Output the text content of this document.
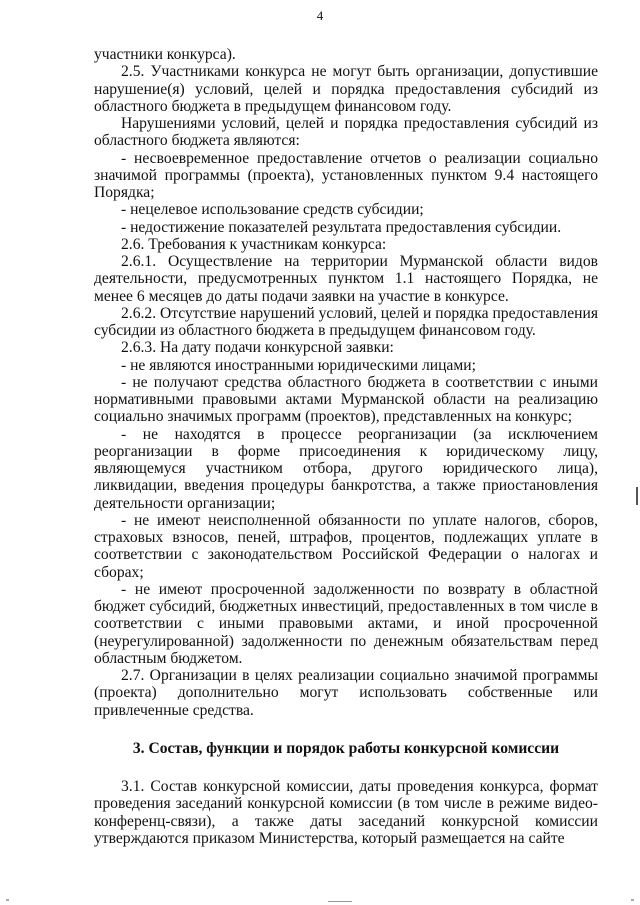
4

участники конкурса).

2.5. Участниками конкурса не могут быть организации, допустившие нарушение(я) условий, целей и порядка предоставления субсидий из областного бюджета в предыдущем финансовом году.

Нарушениями условий, целей и порядка предоставления субсидий из областного бюджета являются:

- несвоевременное предоставление отчетов о реализации социально значимой программы (проекта), установленных пунктом 9.4 настоящего Порядка;

- нецелевое использование средств субсидии;

- недостижение показателей результата предоставления субсидии.

2.6. Требования к участникам конкурса:

2.6.1. Осуществление на территории Мурманской области видов деятельности, предусмотренных пунктом 1.1 настоящего Порядка, не менее 6 месяцев до даты подачи заявки на участие в конкурсе.

2.6.2. Отсутствие нарушений условий, целей и порядка предоставления субсидии из областного бюджета в предыдущем финансовом году.

2.6.3. На дату подачи конкурсной заявки:

- не являются иностранными юридическими лицами;

- не получают средства областного бюджета в соответствии с иными нормативными правовыми актами Мурманской области на реализацию социально значимых программ (проектов), представленных на конкурс;

- не находятся в процессе реорганизации (за исключением реорганизации в форме присоединения к юридическому лицу, являющемуся участником отбора, другого юридического лица), ликвидации, введения процедуры банкротства, а также приостановления деятельности организации;

- не имеют неисполненной обязанности по уплате налогов, сборов, страховых взносов, пеней, штрафов, процентов, подлежащих уплате в соответствии с законодательством Российской Федерации о налогах и сборах;

- не имеют просроченной задолженности по возврату в областной бюджет субсидий, бюджетных инвестиций, предоставленных в том числе в соответствии с иными правовыми актами, и иной просроченной (неурегулированной) задолженности по денежным обязательствам перед областным бюджетом.

2.7. Организации в целях реализации социально значимой программы (проекта) дополнительно могут использовать собственные или привлеченные средства.

3. Состав, функции и порядок работы конкурсной комиссии

3.1. Состав конкурсной комиссии, даты проведения конкурса, формат проведения заседаний конкурсной комиссии (в том числе в режиме видео-конференц-связи), а также даты заседаний конкурсной комиссии утверждаются приказом Министерства, который размещается на сайте
